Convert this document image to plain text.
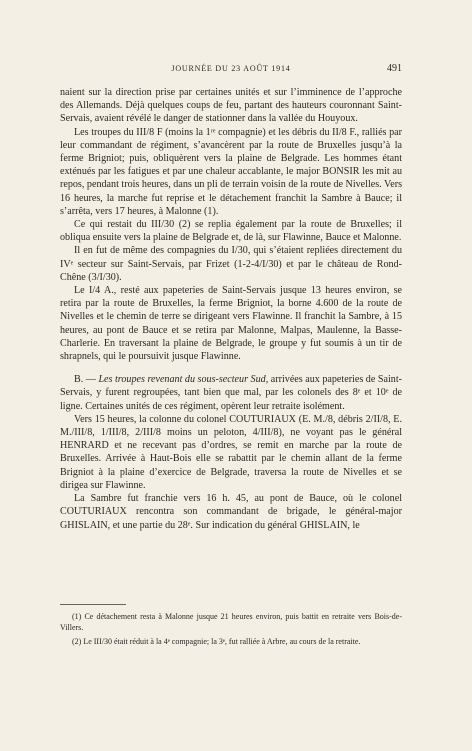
JOURNÉE DU 23 AOÛT 1914	491

naient sur la direction prise par certaines unités et sur l’imminence de l’approche des Allemands. Déjà quelques coups de feu, partant des hauteurs couronnant Saint-Servais, avaient révélé le danger de stationner dans la vallée du Houyoux.

Les troupes du III/8 F (moins la 1ʳᵉ compagnie) et les débris du II/8 F., ralliés par leur commandant de régiment, s’avancèrent par la route de Bruxelles jusqu’à la ferme Brigniot; puis, obliquèrent vers la plaine de Belgrade. Les hommes étant exténués par les fatigues et par une chaleur accablante, le major BONSIR les mit au repos, pendant trois heures, dans un pli de terrain voisin de la route de Nivelles. Vers 16 heures, la marche fut reprise et le détachement franchit la Sambre à Bauce; il s’arrêta, vers 17 heures, à Malonne (1).

Ce qui restait du III/30 (2) se replia également par la route de Bruxelles; il obliqua ensuite vers la plaine de Belgrade et, de là, sur Flawinne, Bauce et Malonne.

Il en fut de même des compagnies du I/30, qui s’étaient repliées directement du IVᵉ secteur sur Saint-Servais, par Frizet (1-2-4/I/30) et par le château de Rond-Chêne (3/I/30).

Le I/4 A., resté aux papeteries de Saint-Servais jusque 13 heures environ, se retira par la route de Bruxelles, la ferme Brigniot, la borne 4.600 de la route de Nivelles et le chemin de terre se dirigeant vers Flawinne. Il franchit la Sambre, à 15 heures, au pont de Bauce et se retira par Malonne, Malpas, Maulenne, la Basse-Charlerie. En traversant la plaine de Belgrade, le groupe y fut soumis à un tir de shrapnels, qui le poursuivit jusque Flawinne.

B. — Les troupes revenant du sous-secteur Sud, arrivées aux papeteries de Saint-Servais, y furent regroupées, tant bien que mal, par les colonels des 8ᵉ et 10ᵉ de ligne. Certaines unités de ces régiment, opèrent leur retraite isolément.

Vers 15 heures, la colonne du colonel COUTURIAUX (E. M./8, débris 2/II/8, E. M./III/8, 1/III/8, 2/III/8 moins un peloton, 4/III/8), ne voyant pas le général HENRARD et ne recevant pas d’ordres, se remit en marche par la route de Bruxelles. Arrivée à Haut-Bois elle se rabattit par le chemin allant de la ferme Brigniot à la plaine d’exercice de Belgrade, traversa la route de Nivelles et se dirigea sur Flawinne.

La Sambre fut franchie vers 16 h. 45, au pont de Bauce, où le colonel COUTURIAUX rencontra son commandant de brigade, le général-major GHISLAIN, et une partie du 28ᵉ. Sur indication du général GHISLAIN, le

(1) Ce détachement resta à Malonne jusque 21 heures environ, puis battit en retraite vers Bois-de-Villers.

(2) Le III/30 était réduit à la 4ᵉ compagnie; la 3ᵉ, fut ralliée à Arbre, au cours de la retraite.
